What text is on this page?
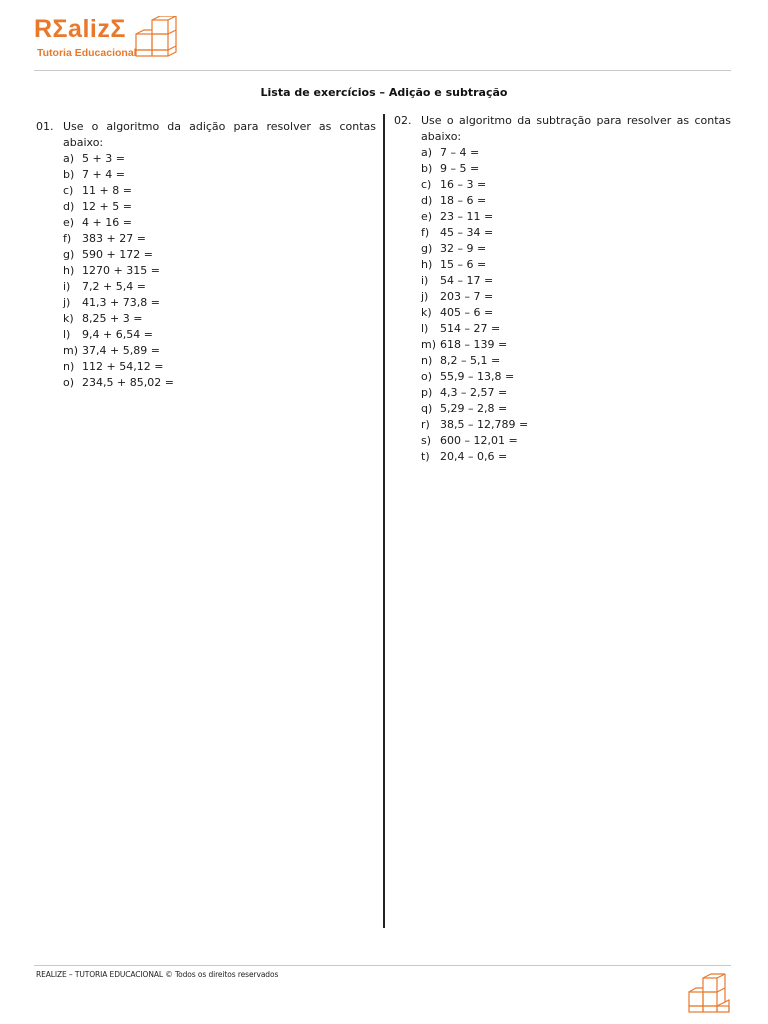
RΣalizΣ
Tutoria Educacional
Lista de exercícios – Adição e subtração
01. Use o algoritmo da adição para resolver as contas abaixo:
a) 5 + 3 =
b) 7 + 4 =
c) 11 + 8 =
d) 12 + 5 =
e) 4 + 16 =
f) 383 + 27 =
g) 590 + 172 =
h) 1270 + 315 =
i)	7,2 + 5,4 =
j)	41,3 + 73,8 =
k) 8,25 + 3 =
l)	9,4 + 6,54 =
m) 37,4 + 5,89 =
n) 112 + 54,12 =
o) 234,5 + 85,02 =
02. Use o algoritmo da subtração para resolver as contas abaixo:
a) 7 – 4 =
b) 9 – 5 =
c) 16 – 3 =
d) 18 – 6 =
e) 23 – 11 =
f) 45 – 34 =
g) 32 – 9 =
h) 15 – 6 =
i)	54 – 17 =
j)	203 – 7 =
k) 405 – 6 =
l)	514 – 27 =
m) 618 – 139 =
n) 8,2 – 5,1 =
o) 55,9 – 13,8 =
p) 4,3 – 2,57 =
q) 5,29 – 2,8 =
r) 38,5 – 12,789 =
s) 600 – 12,01 =
t) 20,4 – 0,6 =
REALIZE – TUTORIA EDUCACIONAL © Todos os direitos reservados
